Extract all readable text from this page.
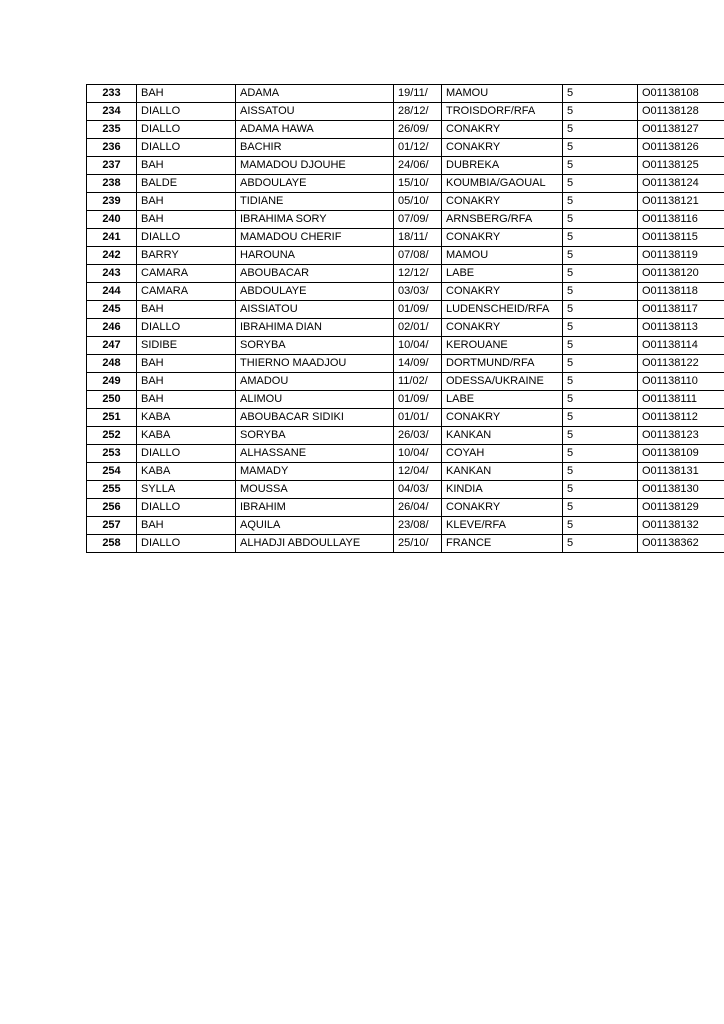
233	BAH	ADAMA	19/11/	MAMOU	5	O01138108
234	DIALLO	AISSATOU	28/12/	TROISDORF/RFA	5	O01138128
235	DIALLO	ADAMA HAWA	26/09/	CONAKRY	5	O01138127
236	DIALLO	BACHIR	01/12/	CONAKRY	5	O01138126
237	BAH	MAMADOU DJOUHE	24/06/	DUBREKA	5	O01138125
238	BALDE	ABDOULAYE	15/10/	KOUMBIA/GAOUAL	5	O01138124
239	BAH	TIDIANE	05/10/	CONAKRY	5	O01138121
240	BAH	IBRAHIMA SORY	07/09/	ARNSBERG/RFA	5	O01138116
241	DIALLO	MAMADOU CHERIF	18/11/	CONAKRY	5	O01138115
242	BARRY	HAROUNA	07/08/	MAMOU	5	O01138119
243	CAMARA	ABOUBACAR	12/12/	LABE	5	O01138120
244	CAMARA	ABDOULAYE	03/03/	CONAKRY	5	O01138118
245	BAH	AISSIATOU	01/09/	LUDENSCHEID/RFA	5	O01138117
246	DIALLO	IBRAHIMA DIAN	02/01/	CONAKRY	5	O01138113
247	SIDIBE	SORYBA	10/04/	KEROUANE	5	O01138114
248	BAH	THIERNO MAADJOU	14/09/	DORTMUND/RFA	5	O01138122
249	BAH	AMADOU	11/02/	ODESSA/UKRAINE	5	O01138110
250	BAH	ALIMOU	01/09/	LABE	5	O01138111
251	KABA	ABOUBACAR SIDIKI	01/01/	CONAKRY	5	O01138112
252	KABA	SORYBA	26/03/	KANKAN	5	O01138123
253	DIALLO	ALHASSANE	10/04/	COYAH	5	O01138109
254	KABA	MAMADY	12/04/	KANKAN	5	O01138131
255	SYLLA	MOUSSA	04/03/	KINDIA	5	O01138130
256	DIALLO	IBRAHIM	26/04/	CONAKRY	5	O01138129
257	BAH	AQUILA	23/08/	KLEVE/RFA	5	O01138132
258	DIALLO	ALHADJI ABDOULLAYE	25/10/	FRANCE	5	O01138362
